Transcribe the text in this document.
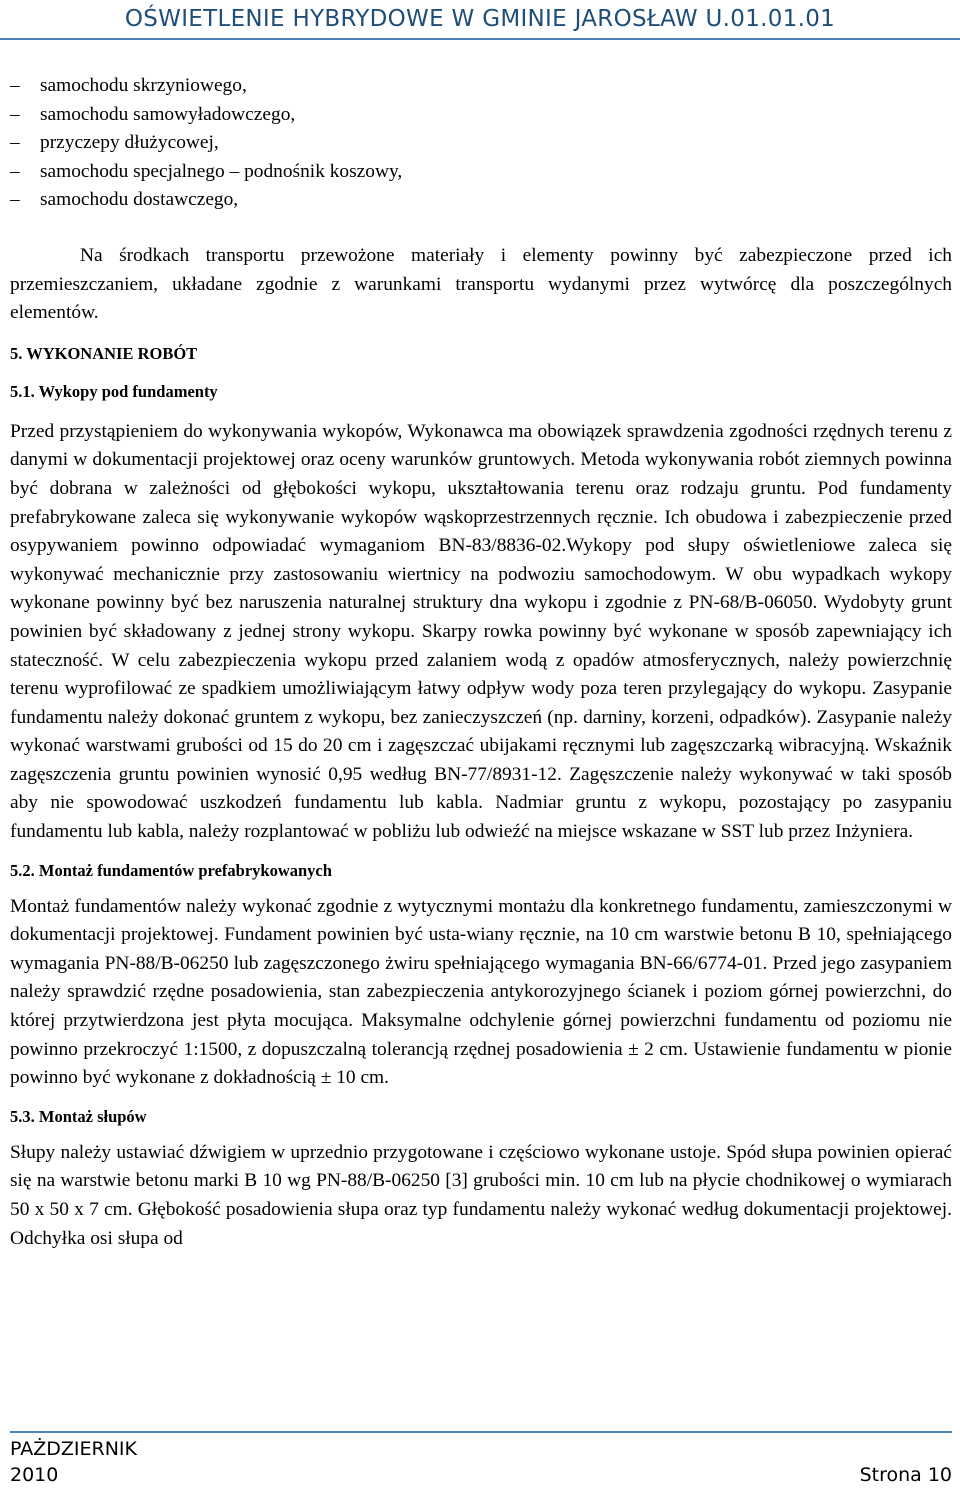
OŚWIETLENIE HYBRYDOWE W GMINIE JAROSŁAW U.01.01.01
– samochodu skrzyniowego,
– samochodu samowyładowczego,
– przyczepy dłużycowej,
– samochodu specjalnego – podnośnik koszowy,
– samochodu dostawczego,

Na środkach transportu przewożone materiały i elementy powinny być zabezpieczone przed ich przemieszczaniem, układane zgodnie z warunkami transportu wydanymi przez wytwórcę dla poszczególnych elementów.

5. WYKONANIE ROBÓT

5.1. Wykopy pod fundamenty

Przed przystąpieniem do wykonywania wykopów, Wykonawca ma obowiązek sprawdzenia zgodności rzędnych terenu z danymi w dokumentacji projektowej oraz oceny warunków gruntowych. Metoda wykonywania robót ziemnych powinna być dobrana w zależności od głębokości wykopu, ukształtowania terenu oraz rodzaju gruntu. Pod fundamenty prefabrykowane zaleca się wykonywanie wykopów wąskoprzestrzennych ręcznie. Ich obudowa i zabezpieczenie przed osypywaniem powinno odpowiadać wymaganiom BN-83/8836-02.Wykopy pod słupy oświetleniowe zaleca się wykonywać mechanicznie przy zastosowaniu wiertnicy na podwoziu samochodowym. W obu wypadkach wykopy wykonane powinny być bez naruszenia naturalnej struktury dna wykopu i zgodnie z PN-68/B-06050. Wydobyty grunt powinien być składowany z jednej strony wykopu. Skarpy rowka powinny być wykonane w sposób zapewniający ich stateczność. W celu zabezpieczenia wykopu przed zalaniem wodą z opadów atmosferycznych, należy powierzchnię terenu wyprofilować ze spadkiem umożliwiającym łatwy odpływ wody poza teren przylegający do wykopu. Zasypanie fundamentu należy dokonać gruntem z wykopu, bez zanieczyszczeń (np. darniny, korzeni, odpadków). Zasypanie należy wykonać warstwami grubości od 15 do 20 cm i zagęszczać ubijakami ręcznymi lub zagęszczarką wibracyjną. Wskaźnik zagęszczenia gruntu powinien wynosić 0,95 według BN-77/8931-12. Zagęszczenie należy wykonywać w taki sposób aby nie spowodować uszkodzeń fundamentu lub kabla. Nadmiar gruntu z wykopu, pozostający po zasypaniu fundamentu lub kabla, należy rozplantować w pobliżu lub odwieźć na miejsce wskazane w SST lub przez Inżyniera.

5.2. Montaż fundamentów prefabrykowanych

Montaż fundamentów należy wykonać zgodnie z wytycznymi montażu dla konkretnego fundamentu, zamieszczonymi w dokumentacji projektowej. Fundament powinien być usta-wiany ręcznie, na 10 cm warstwie betonu B 10, spełniającego wymagania PN-88/B-06250 lub zagęszczonego żwiru spełniającego wymagania BN-66/6774-01. Przed jego zasypaniem należy sprawdzić rzędne posadowienia, stan zabezpieczenia antykorozyjnego ścianek i poziom górnej powierzchni, do której przytwierdzona jest płyta mocująca. Maksymalne odchylenie górnej powierzchni fundamentu od poziomu nie powinno przekroczyć 1:1500, z dopuszczalną tolerancją rzędnej posadowienia ± 2 cm. Ustawienie fundamentu w pionie powinno być wykonane z dokładnością ± 10 cm.

5.3. Montaż słupów

Słupy należy ustawiać dźwigiem w uprzednio przygotowane i częściowo wykonane ustoje. Spód słupa powinien opierać się na warstwie betonu marki B 10 wg PN-88/B-06250 [3] grubości min. 10 cm lub na płycie chodnikowej o wymiarach 50 x 50 x 7 cm. Głębokość posadowienia słupa oraz typ fundamentu należy wykonać według dokumentacji projektowej. Odchyłka osi słupa od

PAŻDZIERNIK
2010	Strona 10
